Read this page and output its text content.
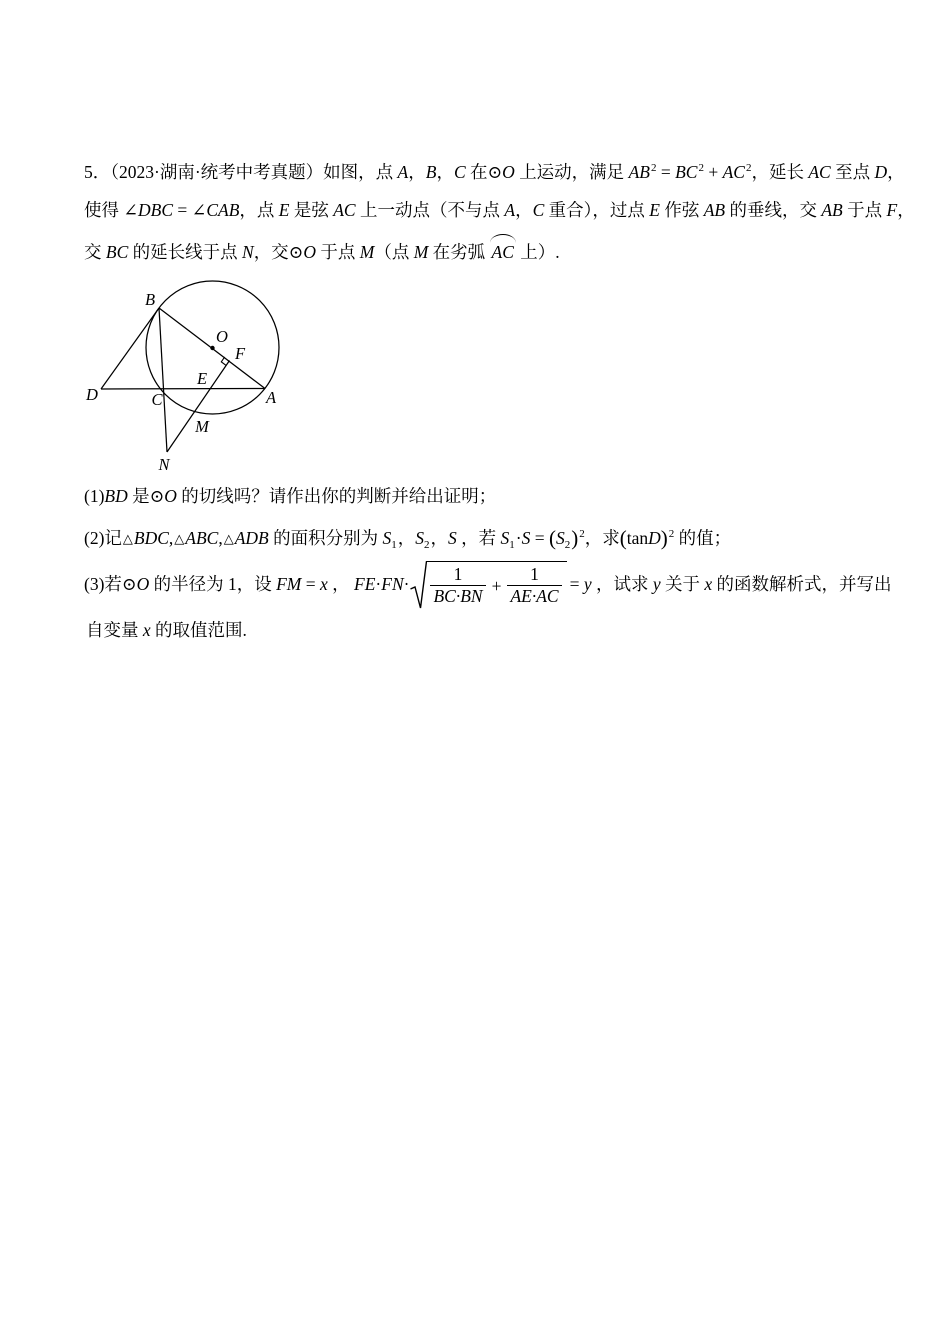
5．（2023·湖南·统考中考真题）如图，点 A，B，C 在⊙O 上运动，满足 $AB^2 = BC^2 + AC^2$，延长 AC 至点 D，
使得 ∠DBC = ∠CAB，点 E 是弦 AC 上一动点（不与点 A，C 重合），过点 E 作弦 AB 的垂线，交 AB 于点 F，
交 BC 的延长线于点 N，交⊙O 于点 M（点 M 在劣弧 AC 上）.
(1)BD 是⊙O 的切线吗？请作出你的判断并给出证明；
(2)记△BDC,△ABC,△ADB 的面积分别为 $S_1$，$S_2$，S ，若 $S_1\cdot S = (S_2)^2$，求$(\tan D)^2$ 的值；
(3)若⊙O 的半径为 1，设 FM = x ， $FE\cdot FN\cdot \frac{1}{BC\cdot BN} + \frac{1}{AE\cdot AC} = y$ ，试求 y 关于 x 的函数解析式，并写出
自变量 x 的取值范围.
B
O
F
E
C	A
D
M
N
